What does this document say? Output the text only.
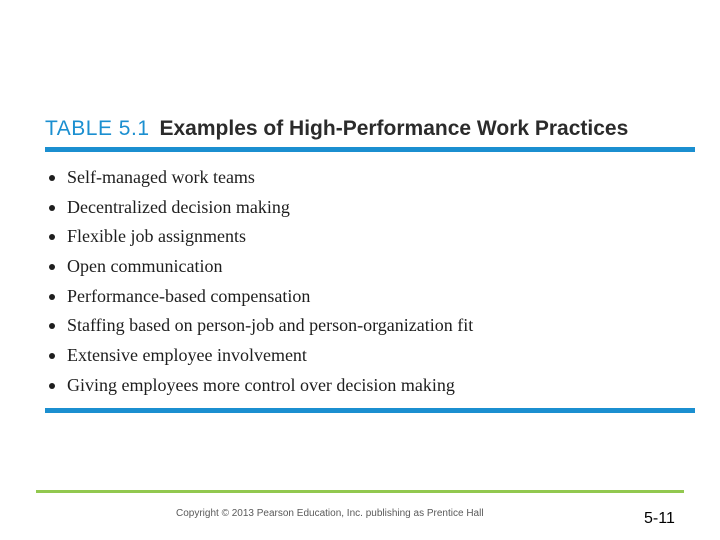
TABLE 5.1 Examples of High-Performance Work Practices
Self-managed work teams
Decentralized decision making
Flexible job assignments
Open communication
Performance-based compensation
Staffing based on person-job and person-organization fit
Extensive employee involvement
Giving employees more control over decision making
Copyright © 2013 Pearson Education, Inc. publishing as Prentice Hall	5-11
